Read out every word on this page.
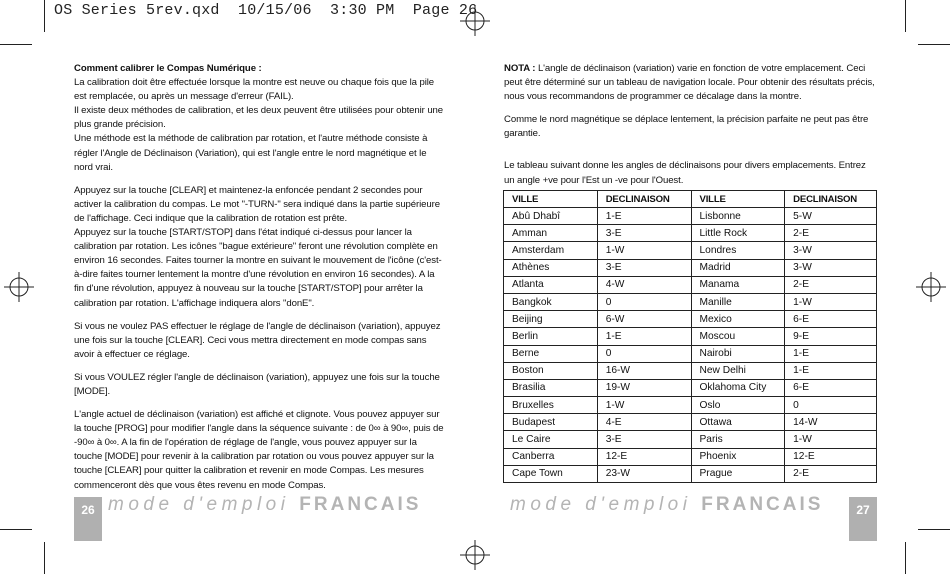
OS Series 5rev.qxd  10/15/06  3:30 PM  Page 26
Comment calibrer le Compas Numérique :

La calibration doit être effectuée lorsque la montre est neuve ou chaque fois que la pile est remplacée, ou après un message d'erreur (FAIL).

Il existe deux méthodes de calibration, et les deux peuvent être utilisées pour obtenir une plus grande précision.

Une méthode est la méthode de calibration par rotation, et l'autre méthode consiste à régler l'Angle de Déclinaison (Variation), qui est l'angle entre le nord magnétique et le nord vrai.

Appuyez sur la touche [CLEAR] et maintenez-la enfoncée pendant 2 secondes pour activer la calibration du compas. Le mot "-TURN-" sera indiqué dans la partie supérieure de l'affichage. Ceci indique que la calibration de rotation est prête.

Appuyez sur la touche [START/STOP] dans l'état indiqué ci-dessus pour lancer la calibration par rotation. Les icônes "bague extérieure" feront une révolution complète en environ 16 secondes. Faites tourner la montre en suivant le mouvement de l'icône (c'est-à-dire faites tourner lentement la montre d'une révolution en environ 16 secondes). A la fin d'une révolution, appuyez à nouveau sur la touche [START/STOP] pour arrêter la calibration par rotation. L'affichage indiquera alors "donE".

Si vous ne voulez PAS effectuer le réglage de l'angle de déclinaison (variation), appuyez une fois sur la touche [CLEAR]. Ceci vous mettra directement en mode compas sans avoir à effectuer ce réglage.

Si vous VOULEZ régler l'angle de déclinaison (variation), appuyez une fois sur la touche [MODE].

L'angle actuel de déclinaison (variation) est affiché et clignote. Vous pouvez appuyer sur la touche [PROG] pour modifier l'angle dans la séquence suivante : de 0∞ à 90∞, puis de -90∞ à 0∞. A la fin de l'opération de réglage de l'angle, vous pouvez appuyer sur la touche [MODE] pour revenir à la calibration par rotation ou vous pouvez appuyer sur la touche [CLEAR] pour quitter la calibration et revenir en mode Compas. Les mesures commenceront dès que vous êtes revenu en mode Compas.

NOTA : L'angle de déclinaison (variation) varie en fonction de votre emplacement. Ceci peut être déterminé sur un tableau de navigation locale. Pour obtenir des résultats précis, nous vous recommandons de programmer ce décalage dans la montre.

Comme le nord magnétique se déplace lentement, la précision parfaite ne peut pas être garantie.

Le tableau suivant donne les angles de déclinaisons pour divers emplacements. Entrez un angle +ve pour l'Est un -ve pour l'Ouest.

VILLE	DECLINAISON	VILLE	DECLINAISON
Abû Dhabî	1-E	Lisbonne	5-W
Amman	3-E	Little Rock	2-E
Amsterdam	1-W	Londres	3-W
Athènes	3-E	Madrid	3-W
Atlanta	4-W	Manama	2-E
Bangkok	0	Manille	1-W
Beijing	6-W	Mexico	6-E
Berlin	1-E	Moscou	9-E
Berne	0	Nairobi	1-E
Boston	16-W	New Delhi	1-E
Brasilia	19-W	Oklahoma City	6-E
Bruxelles	1-W	Oslo	0
Budapest	4-E	Ottawa	14-W
Le Caire	3-E	Paris	1-W
Canberra	12-E	Phoenix	12-E
Cape Town	23-W	Prague	2-E
26 mode d'emploi FRANCAIS	mode d'emploi FRANCAIS	27
